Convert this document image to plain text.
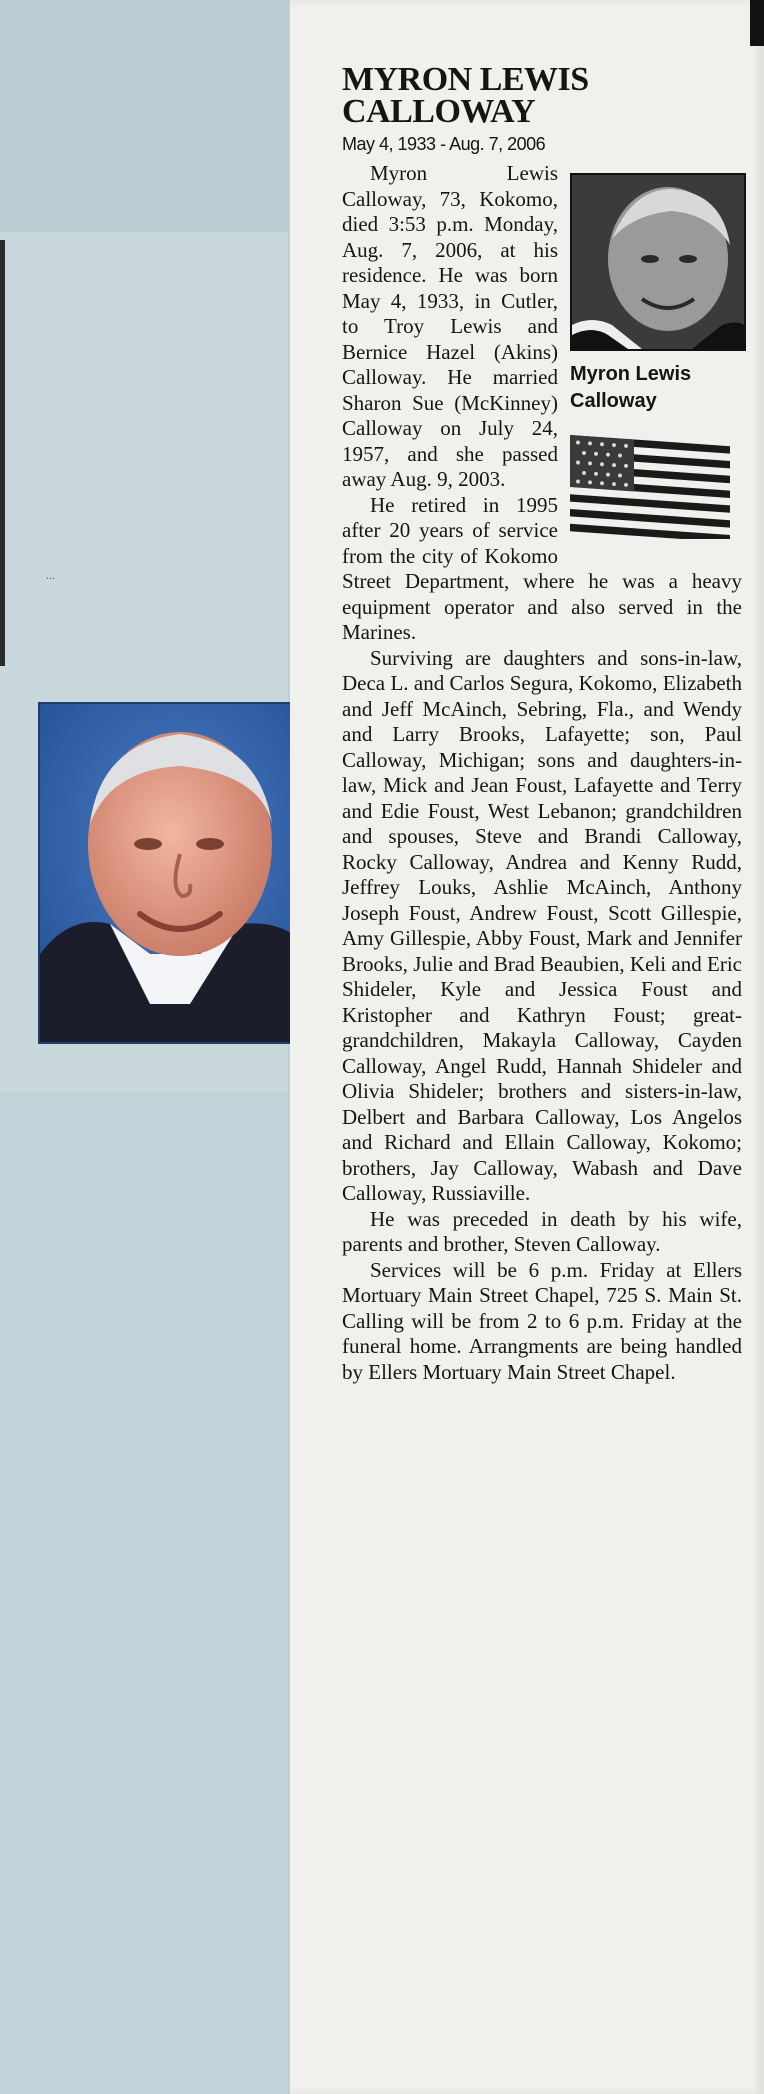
...
MYRON LEWIS
CALLOWAY
May 4, 1933 - Aug. 7, 2006
Myron Lewis
Calloway

Myron Lewis Calloway, 73, Kokomo, died 3:53 p.m. Monday, Aug. 7, 2006, at his residence. He was born May 4, 1933, in Cutler, to Troy Lewis and Bernice Hazel (Akins) Calloway. He married Sharon Sue (McKinney) Calloway on July 24, 1957, and she passed away Aug. 9, 2003.

He retired in 1995 after 20 years of service from the city of Kokomo Street Department, where he was a heavy equipment operator and also served in the Marines.

Surviving are daughters and sons-in-law, Deca L. and Carlos Segura, Kokomo, Elizabeth and Jeff McAinch, Sebring, Fla., and Wendy and Larry Brooks, Lafayette; son, Paul Calloway, Michigan; sons and daughters-in-law, Mick and Jean Foust, Lafayette and Terry and Edie Foust, West Lebanon; grandchildren and spouses, Steve and Brandi Calloway, Rocky Calloway, Andrea and Kenny Rudd, Jeffrey Louks, Ashlie McAinch, Anthony Joseph Foust, Andrew Foust, Scott Gillespie, Amy Gillespie, Abby Foust, Mark and Jennifer Brooks, Julie and Brad Beaubien, Keli and Eric Shideler, Kyle and Jessica Foust and Kristopher and Kathryn Foust; great- grandchildren, Makayla Calloway, Cayden Calloway, Angel Rudd, Hannah Shideler and Olivia Shideler; brothers and sisters-in-law, Delbert and Barbara Calloway, Los Angelos and Richard and Ellain Calloway, Kokomo; brothers, Jay Calloway, Wabash and Dave Calloway, Russiaville.

He was preceded in death by his wife, parents and brother, Steven Calloway.

Services will be 6 p.m. Friday at Ellers Mortuary Main Street Chapel, 725 S. Main St. Calling will be from 2 to 6 p.m. Friday at the funeral home. Arrangments are being handled by Ellers Mortuary Main Street Chapel.
